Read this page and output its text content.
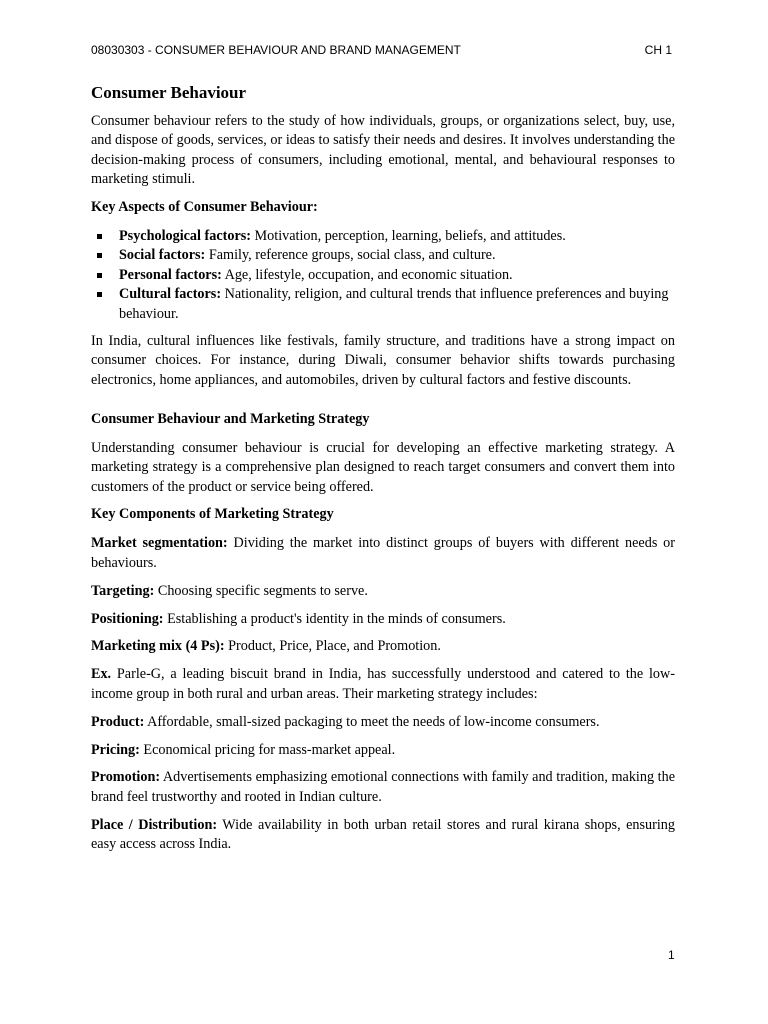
08030303 - CONSUMER BEHAVIOUR AND BRAND MANAGEMENT	CH 1
Consumer Behaviour

Consumer behaviour refers to the study of how individuals, groups, or organizations select, buy, use, and dispose of goods, services, or ideas to satisfy their needs and desires. It involves understanding the decision-making process of consumers, including emotional, mental, and behavioural responses to marketing stimuli.

Key Aspects of Consumer Behaviour:
Psychological factors: Motivation, perception, learning, beliefs, and attitudes.
Social factors: Family, reference groups, social class, and culture.
Personal factors: Age, lifestyle, occupation, and economic situation.
Cultural factors: Nationality, religion, and cultural trends that influence preferences and buying behaviour.

In India, cultural influences like festivals, family structure, and traditions have a strong impact on consumer choices. For instance, during Diwali, consumer behavior shifts towards purchasing electronics, home appliances, and automobiles, driven by cultural factors and festive discounts.

Consumer Behaviour and Marketing Strategy

Understanding consumer behaviour is crucial for developing an effective marketing strategy. A marketing strategy is a comprehensive plan designed to reach target consumers and convert them into customers of the product or service being offered.

Key Components of Marketing Strategy

Market segmentation: Dividing the market into distinct groups of buyers with different needs or behaviours.

Targeting: Choosing specific segments to serve.

Positioning: Establishing a product's identity in the minds of consumers.

Marketing mix (4 Ps): Product, Price, Place, and Promotion.

Ex. Parle-G, a leading biscuit brand in India, has successfully understood and catered to the low-income group in both rural and urban areas. Their marketing strategy includes:

Product: Affordable, small-sized packaging to meet the needs of low-income consumers.

Pricing: Economical pricing for mass-market appeal.

Promotion: Advertisements emphasizing emotional connections with family and tradition, making the brand feel trustworthy and rooted in Indian culture.

Place / Distribution: Wide availability in both urban retail stores and rural kirana shops, ensuring easy access across India.

1
